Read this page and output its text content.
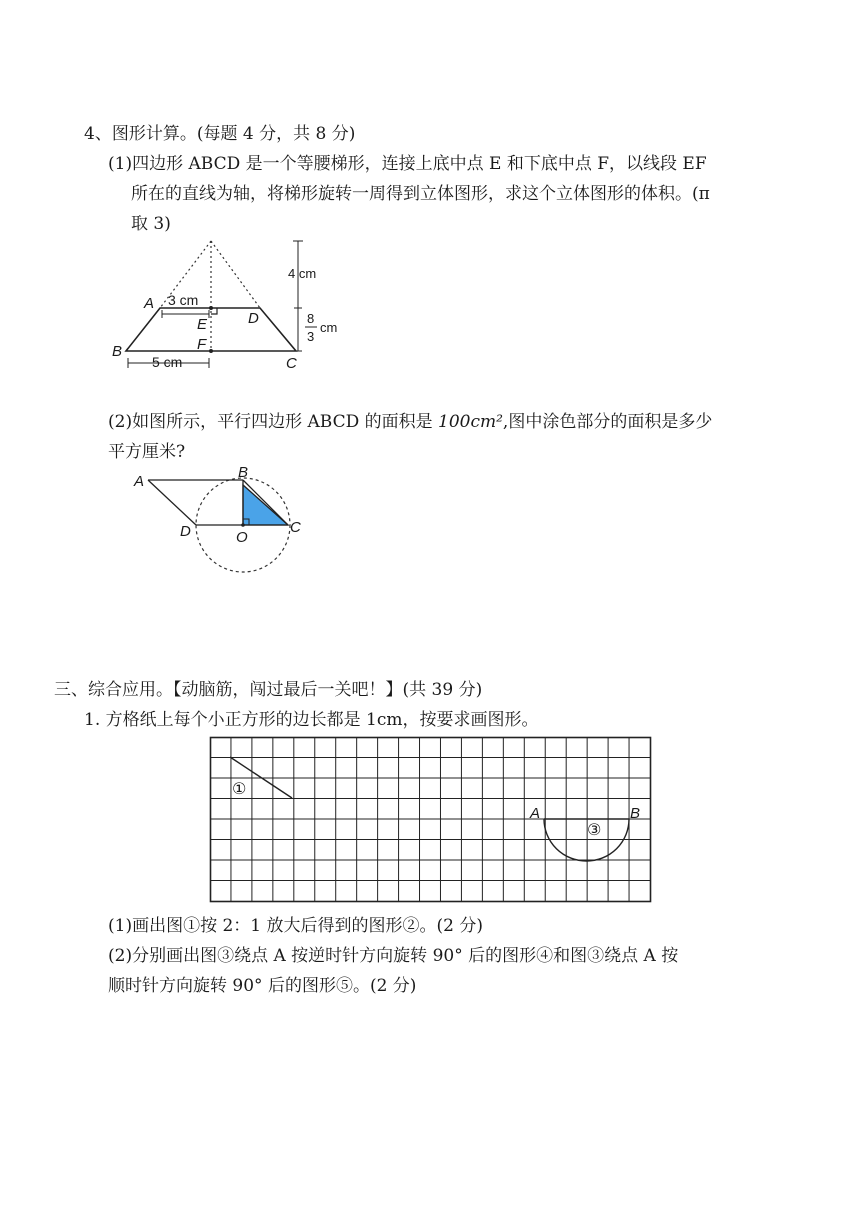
4、图形计算。(每题 4 分，共 8 分)
(1)四边形 ABCD 是一个等腰梯形，连接上底中点 E 和下底中点 F，以线段 EF
所在的直线为轴，将梯形旋转一周得到立体图形，求这个立体图形的体积。(π
取 3)
A
D
E
F
B
C
3 cm
5 cm
4 cm
8
3
cm
(2)如图所示，平行四边形 ABCD 的面积是 100cm²,图中涂色部分的面积是多少
平方厘米?
A
B
C
D	O
三、综合应用。【动脑筋，闯过最后一关吧！】(共 39 分)
1. 方格纸上每个小正方形的边长都是 1cm，按要求画图形。
①
③
A	B
(1)画出图①按 2：1 放大后得到的图形②。(2 分)
(2)分别画出图③绕点 A 按逆时针方向旋转 90° 后的图形④和图③绕点 A 按
顺时针方向旋转 90° 后的图形⑤。(2 分)
